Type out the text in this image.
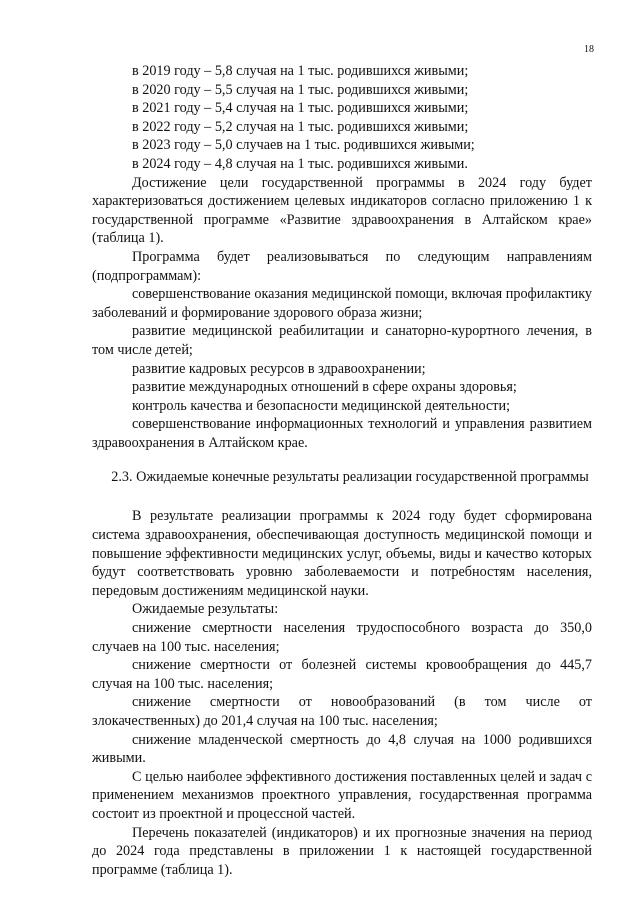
18

в 2019 году – 5,8 случая на 1 тыс. родившихся живыми;

в 2020 году – 5,5 случая на 1 тыс. родившихся живыми;

в 2021 году – 5,4 случая на 1 тыс. родившихся живыми;

в 2022 году – 5,2 случая на 1 тыс. родившихся живыми;

в 2023 году – 5,0 случаев на 1 тыс. родившихся живыми;

в 2024 году – 4,8 случая на 1 тыс. родившихся живыми.

Достижение цели государственной программы в 2024 году будет характеризоваться достижением целевых индикаторов согласно приложению 1 к государственной программе «Развитие здравоохранения в Алтайском крае» (таблица 1).

Программа будет реализовываться по следующим направлениям (подпрограммам):

совершенствование оказания медицинской помощи, включая профилактику заболеваний и формирование здорового образа жизни;

развитие медицинской реабилитации и санаторно-курортного лечения, в том числе детей;

развитие кадровых ресурсов в здравоохранении;

развитие международных отношений в сфере охраны здоровья;

контроль качества и безопасности медицинской деятельности;

совершенствование информационных технологий и управления развитием здравоохранения в Алтайском крае.

2.3. Ожидаемые конечные результаты реализации государственной программы

В результате реализации программы к 2024 году будет сформирована система здравоохранения, обеспечивающая доступность медицинской помощи и повышение эффективности медицинских услуг, объемы, виды и качество которых будут соответствовать уровню заболеваемости и потребностям населения, передовым достижениям медицинской науки.

Ожидаемые результаты:

снижение смертности населения трудоспособного возраста до 350,0 случаев на 100 тыс. населения;

снижение смертности от болезней системы кровообращения до 445,7 случая на 100 тыс. населения;

снижение смертности от новообразований (в том числе от злокачественных) до 201,4 случая на 100 тыс. населения;

снижение младенческой смертность до 4,8 случая на 1000 родившихся живыми.

С целью наиболее эффективного достижения поставленных целей и задач с применением механизмов проектного управления, государственная программа состоит из проектной и процессной частей.

Перечень показателей (индикаторов) и их прогнозные значения на период до 2024 года представлены в приложении 1 к настоящей государственной программе (таблица 1).
